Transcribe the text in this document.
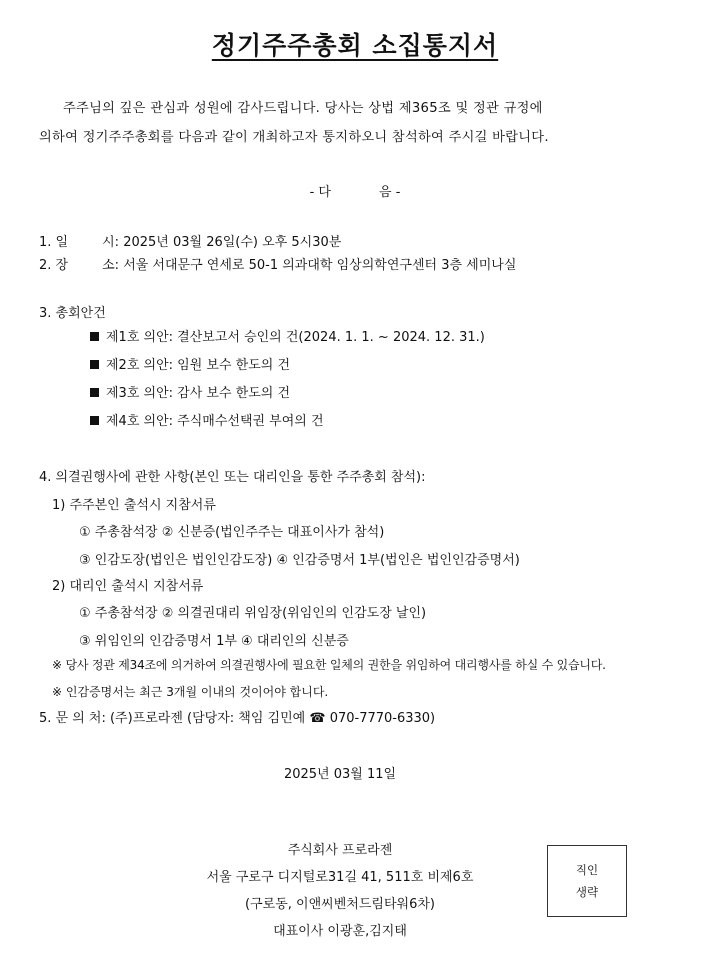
정기주주총회 소집통지서
주주님의 깊은 관심과 성원에 감사드립니다. 당사는 상법 제365조 및 정관 규정에
의하여 정기주주총회를 다음과 같이 개최하고자 통지하오니 참석하여 주시길 바랍니다.
- 다	음 -
1. 일	시: 2025년 03월 26일(수) 오후 5시30분
2. 장	소: 서울 서대문구 연세로 50-1 의과대학 임상의학연구센터 3층 세미나실
3. 총회안건
제1호 의안: 결산보고서 승인의 건(2024. 1. 1. ~ 2024. 12. 31.)
제2호 의안: 임원 보수 한도의 건
제3호 의안: 감사 보수 한도의 건
제4호 의안: 주식매수선택권 부여의 건
4. 의결권행사에 관한 사항(본인 또는 대리인을 통한 주주총회 참석):
1) 주주본인 출석시 지참서류
① 주총참석장 ② 신분증(법인주주는 대표이사가 참석)
③ 인감도장(법인은 법인인감도장) ④ 인감증명서 1부(법인은 법인인감증명서)
2) 대리인 출석시 지참서류
① 주총참석장 ② 의결권대리 위임장(위임인의 인감도장 날인)
③ 위임인의 인감증명서 1부 ④ 대리인의 신분증
※ 당사 정관 제34조에 의거하여 의결권행사에 필요한 일체의 권한을 위임하여 대리행사를 하실 수 있습니다.
※ 인감증명서는 최근 3개월 이내의 것이어야 합니다.
5. 문 의 처: (주)프로라젠 (담당자: 책임 김민예 ☎ 070-7770-6330)
2025년 03월 11일
주식회사 프로라젠
서울 구로구 디지털로31길 41, 511호 비제6호
(구로동, 이앤씨벤처드림타워6차)
대표이사 이광훈,김지태
직인
생략
